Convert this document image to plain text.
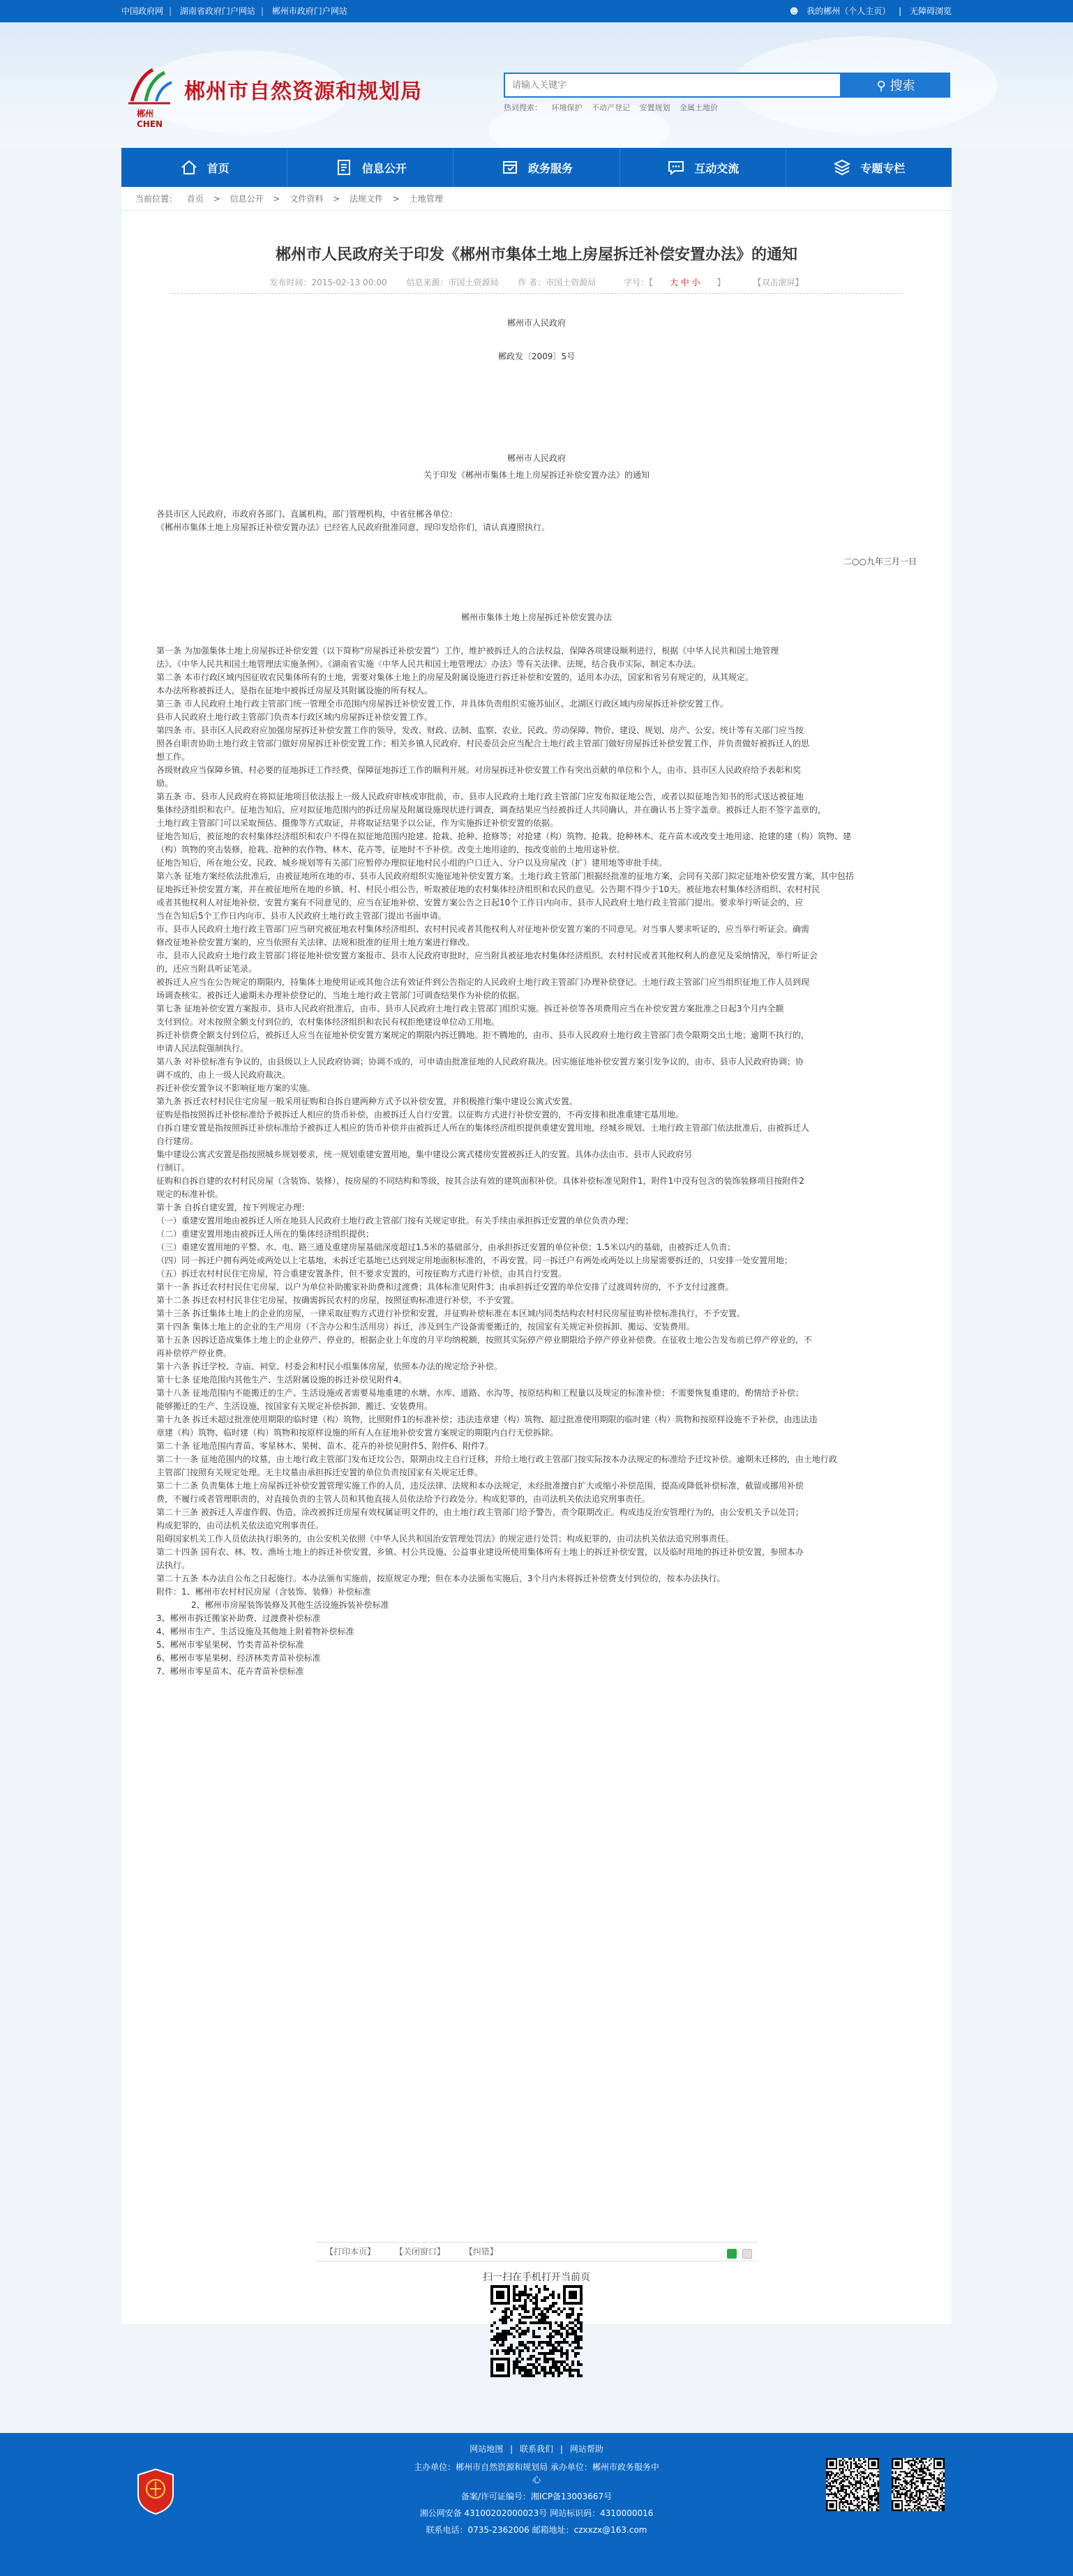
中国政府网 | 湖南省政府门户网站 | 郴州市政府门户网站	☻ 我的郴州（个人主页） | 无障碍浏览
郴州
CHEN
郴州市自然资源和规划局
请输入关键字	⚲ 搜索
热词搜索： 环境保护 不动产登记 安置规划 金属土地价
首页	信息公开	政务服务	互动交流	专题专栏
当前位置： 首页 > 信息公开 > 文件资料 > 法规文件 > 土地管理
郴州市人民政府关于印发《郴州市集体土地上房屋拆迁补偿安置办法》的通知
发布时间：2015-02-13 00:00 信息来源：市国土资源局 作 者：市国土资源局	字号：【 大 中 小 】	【双击滚屏】
郴州市人民政府
郴政发〔2009〕5号
郴州市人民政府
关于印发《郴州市集体土地上房屋拆迁补偿安置办法》的通知

各县市区人民政府，市政府各部门、直属机构，部门管理机构，中省驻郴各单位：

《郴州市集体土地上房屋拆迁补偿安置办法》已经省人民政府批准同意，现印发给你们，请认真遵照执行。

二○○九年三月一日
郴州市集体土地上房屋拆迁补偿安置办法

第一条 为加强集体土地上房屋拆迁补偿安置（以下简称“房屋拆迁补偿安置”）工作，维护被拆迁人的合法权益，保障各项建设顺利进行，根据《中华人民共和国土地管理

法》、《中华人民共和国土地管理法实施条例》、《湖南省实施〈中华人民共和国土地管理法〉办法》等有关法律、法规，结合我市实际，制定本办法。

第二条 本市行政区域内因征收农民集体所有的土地，需要对集体土地上的房屋及附属设施进行拆迁补偿和安置的，适用本办法，国家和省另有规定的，从其规定。

本办法所称被拆迁人，是指在征地中被拆迁房屋及其附属设施的所有权人。

第三条 市人民政府土地行政主管部门统一管理全市范围内房屋拆迁补偿安置工作，并具体负责组织实施苏仙区、北湖区行政区域内房屋拆迁补偿安置工作。

县市人民政府土地行政主管部门负责本行政区域内房屋拆迁补偿安置工作。

第四条 市、县市区人民政府应加强房屋拆迁补偿安置工作的领导，发改、财政、法制、监察、农业、民政、劳动保障、物价、建设、规划、房产、公安、统计等有关部门应当按

照各自职责协助土地行政主管部门做好房屋拆迁补偿安置工作；相关乡镇人民政府、村民委员会应当配合土地行政主管部门做好房屋拆迁补偿安置工作，并负责做好被拆迁人的思

想工作。

各级财政应当保障乡镇、村必要的征地拆迁工作经费，保障征地拆迁工作的顺利开展。对房屋拆迁补偿安置工作有突出贡献的单位和个人，由市、县市区人民政府给予表彰和奖

励。

第五条 市、县市人民政府在将拟征地项目依法报上一级人民政府审核或审批前，市、县市人民政府土地行政主管部门应发布拟征地公告，或者以拟征地告知书的形式送达被征地

集体经济组织和农户。征地告知后，应对拟征地范围内的拆迁房屋及附属设施现状进行调查，调查结果应当经被拆迁人共同确认，并在确认书上签字盖章。被拆迁人拒不签字盖章的，

土地行政主管部门可以采取预估、摄像等方式取证，并将取证结果予以公证，作为实施拆迁补偿安置的依据。

征地告知后，被征地的农村集体经济组织和农户不得在拟征地范围内抢建、抢栽、抢种、抢修等；对抢建（构）筑物、抢栽、抢种林木、花卉苗木或改变土地用途、抢建的建（构）筑物、建

（构）筑物的突击装修，抢栽、抢种的农作物、林木、花卉等，征地时不予补偿。改变土地用途的，按改变前的土地用途补偿。

征地告知后，所在地公安、民政、城乡规划等有关部门应暂停办理拟征地村民小组的户口迁入、分户以及房屋改（扩）建用地等审批手续。

第六条 征地方案经依法批准后，由被征地所在地的市、县市人民政府组织实施征地补偿安置方案。土地行政主管部门根据经批准的征地方案，会同有关部门拟定征地补偿安置方案，其中包括

征地拆迁补偿安置方案，并在被征地所在地的乡镇、村、村民小组公告，听取被征地的农村集体经济组织和农民的意见。公告期不得少于10天。被征地农村集体经济组织、农村村民

或者其他权利人对征地补偿、安置方案有不同意见的，应当在征地补偿、安置方案公告之日起10个工作日内向市、县市人民政府土地行政主管部门提出。要求举行听证会的，应

当在告知后5个工作日内向市、县市人民政府土地行政主管部门提出书面申请。

市、县市人民政府土地行政主管部门应当研究被征地农村集体经济组织、农村村民或者其他权利人对征地补偿安置方案的不同意见。对当事人要求听证的，应当举行听证会。确需

修改征地补偿安置方案的，应当依照有关法律、法规和批准的征用土地方案进行修改。

市、县市人民政府土地行政主管部门将征地补偿安置方案报市、县市人民政府审批时，应当附具被征地农村集体经济组织、农村村民或者其他权利人的意见及采纳情况，举行听证会

的，还应当附具听证笔录。

被拆迁人应当在公告规定的期限内，持集体土地使用证或其他合法有效证件到公告指定的人民政府土地行政主管部门办理补偿登记。土地行政主管部门应当组织征地工作人员到现

场调查核实。被拆迁人逾期未办理补偿登记的，当地土地行政主管部门可调查结果作为补偿的依据。

第七条 征地补偿安置方案报市、县市人民政府批准后，由市、县市人民政府土地行政主管部门组织实施。拆迁补偿等各项费用应当在补偿安置方案批准之日起3个月内全额

支付到位。对未按照全额支付到位的，农村集体经济组织和农民有权拒绝建设单位动工用地。

拆迁补偿费全额支付到位后，被拆迁人应当在征地补偿安置方案规定的期限内拆迁腾地。拒不腾地的，由市、县市人民政府土地行政主管部门责令限期交出土地；逾期不执行的，

申请人民法院强制执行。

第八条 对补偿标准有争议的，由县级以上人民政府协调；协调不成的，可申请由批准征地的人民政府裁决。因实施征地补偿安置方案引发争议的，由市、县市人民政府协调；协

调不成的，由上一级人民政府裁决。

拆迁补偿安置争议不影响征地方案的实施。

第九条 拆迁农村村民住宅房屋一般采用征购和自拆自建两种方式予以补偿安置，并积极推行集中建设公寓式安置。

征购是指按照拆迁补偿标准给予被拆迁人相应的货币补偿，由被拆迁人自行安置。以征购方式进行补偿安置的，不再安排和批准重建宅基用地。

自拆自建安置是指按照拆迁补偿标准给予被拆迁人相应的货币补偿并由被拆迁人所在的集体经济组织提供重建安置用地，经城乡规划、土地行政主管部门依法批准后，由被拆迁人

自行建房。

集中建设公寓式安置是指按照城乡规划要求，统一规划重建安置用地，集中建设公寓式楼房安置被拆迁人的安置。具体办法由市、县市人民政府另

行制订。

征购和自拆自建的农村村民房屋（含装饰、装修），按房屋的不同结构和等级，按其合法有效的建筑面积补偿。具体补偿标准见附件1，附件1中没有包含的装饰装修项目按附件2

规定的标准补偿。

第十条 自拆自建安置，按下列规定办理：

（一）重建安置用地由被拆迁人所在地县人民政府土地行政主管部门按有关规定审批。有关手续由承担拆迁安置的单位负责办理；

（二）重建安置用地由被拆迁人所在的集体经济组织提供；

（三）重建安置用地的平整、水、电、路三通及重建房屋基础深度超过1.5米的基础部分，由承担拆迁安置的单位补偿；1.5米以内的基础，由被拆迁人负责；

（四）同一拆迁户拥有两处或两处以上宅基地，未拆迁宅基地已达到规定用地面积标准的，不再安置。同一拆迁户有两处或两处以上房屋需要拆迁的，只安排一处安置用地；

（五）拆迁农村村民住宅房屋，符合重建安置条件，但不要求安置的，可按征购方式进行补偿，由其自行安置。

第十一条 拆迁农村村民住宅房屋，以户为单位补助搬家补助费和过渡费；具体标准见附件3；由承担拆迁安置的单位安排了过渡周转房的，不予支付过渡费。

第十二条 拆迁农村村民非住宅房屋，按确需拆民农村的房屋，按照征购标准进行补偿，不予安置。

第十三条 拆迁集体土地上的企业的房屋，一律采取征购方式进行补偿和安置，并征购补偿标准在本区域内同类结构农村村民房屋征购补偿标准执行，不予安置。

第十四条 集体土地上的企业的生产用房（不含办公和生活用房）拆迁，涉及到生产设备需要搬迁的，按国家有关规定补偿拆卸、搬运、安装费用。

第十五条 因拆迁造成集体土地上的企业停产、停业的，根据企业上年度的月平均纳税额，按照其实际停产停业期限给予停产停业补偿费。在征收土地公告发布前已停产停业的，不

再补偿停产停业费。

第十六条 拆迁学校、寺庙、祠堂、村委会和村民小组集体房屋，依照本办法的规定给予补偿。

第十七条 征地范围内其他生产、生活附属设施的拆迁补偿见附件4。

第十八条 征地范围内不能搬迁的生产、生活设施或者需要易地重建的水塘、水库、道路、水沟等，按原结构和工程量以及规定的标准补偿；不需要恢复重建的，酌情给予补偿；

能够搬迁的生产、生活设施，按国家有关规定补偿拆卸、搬迁、安装费用。

第十九条 拆迁未超过批准使用期限的临时建（构）筑物，比照附件1的标准补偿；违法违章建（构）筑物、超过批准使用期限的临时建（构）筑物和按原样设施不予补偿，由违法违

章建（构）筑物、临时建（构）筑物和按原样设施的所有人在征地补偿安置方案规定的期限内自行无偿拆除。

第二十条 征地范围内青苗、零星林木、果树、苗木、花卉的补偿见附件5、附件6、附件7。

第二十一条 征地范围内的坟墓，由土地行政主管部门发布迁坟公告，限期由坟主自行迁移，并给土地行政主管部门按实际按本办法规定的标准给予迁坟补偿。逾期未迁移的，由土地行政

主管部门按照有关规定处理。无主坟墓由承担拆迁安置的单位负责按国家有关规定迁葬。

第二十二条 负责集体土地上房屋拆迁补偿安置管理实施工作的人员，违反法律、法规和本办法规定，未经批准擅自扩大或缩小补偿范围，提高或降低补偿标准，截留或挪用补偿

费，不履行或者管理职责的，对直接负责的主管人员和其他直接人员依法给予行政处分。构成犯罪的，由司法机关依法追究刑事责任。

第二十三条 被拆迁人弄虚作假、伪造、涂改被拆迁房屋有效权属证明文件的，由土地行政主管部门给予警告，责令限期改正。构成违反治安管理行为的，由公安机关予以处罚；

构成犯罪的，由司法机关依法追究刑事责任。

阻碍国家机关工作人员依法执行职务的，由公安机关依照《中华人民共和国治安管理处罚法》的规定进行处罚；构成犯罪的，由司法机关依法追究刑事责任。

第二十四条 国有农、林、牧、渔场土地上的拆迁补偿安置，乡镇、村公共设施、公益事业建设所使用集体所有土地上的拆迁补偿安置，以及临时用地的拆迁补偿安置，参照本办

法执行。

第二十五条 本办法自公布之日起施行。本办法颁布实施前，按原规定办理；但在本办法颁布实施后，3个月内未将拆迁补偿费支付到位的，按本办法执行。

附件：1、郴州市农村村民房屋（含装饰、装修）补偿标准

2、郴州市房屋装饰装修及其他生活设施拆装补偿标准

3、郴州市拆迁搬家补助费、过渡费补偿标准

4、郴州市生产、生活设施及其他地上附着物补偿标准

5、郴州市零星果树、竹类青苗补偿标准

6、郴州市零星果树、经济林类青苗补偿标准

7、郴州市零星苗木、花卉青苗补偿标准

【打印本页】 【关闭窗口】 【纠错】

扫一扫在手机打开当前页
网站地图 | 联系我们 | 网站帮助
主办单位：郴州市自然资源和规划局 承办单位：郴州市政务服务中
心
备案/许可证编号：湘ICP备13003667号
湘公网安备 43100202000023号 网站标识码：4310000016
联系电话：0735-2362006 邮箱地址：czxxzx@163.com
